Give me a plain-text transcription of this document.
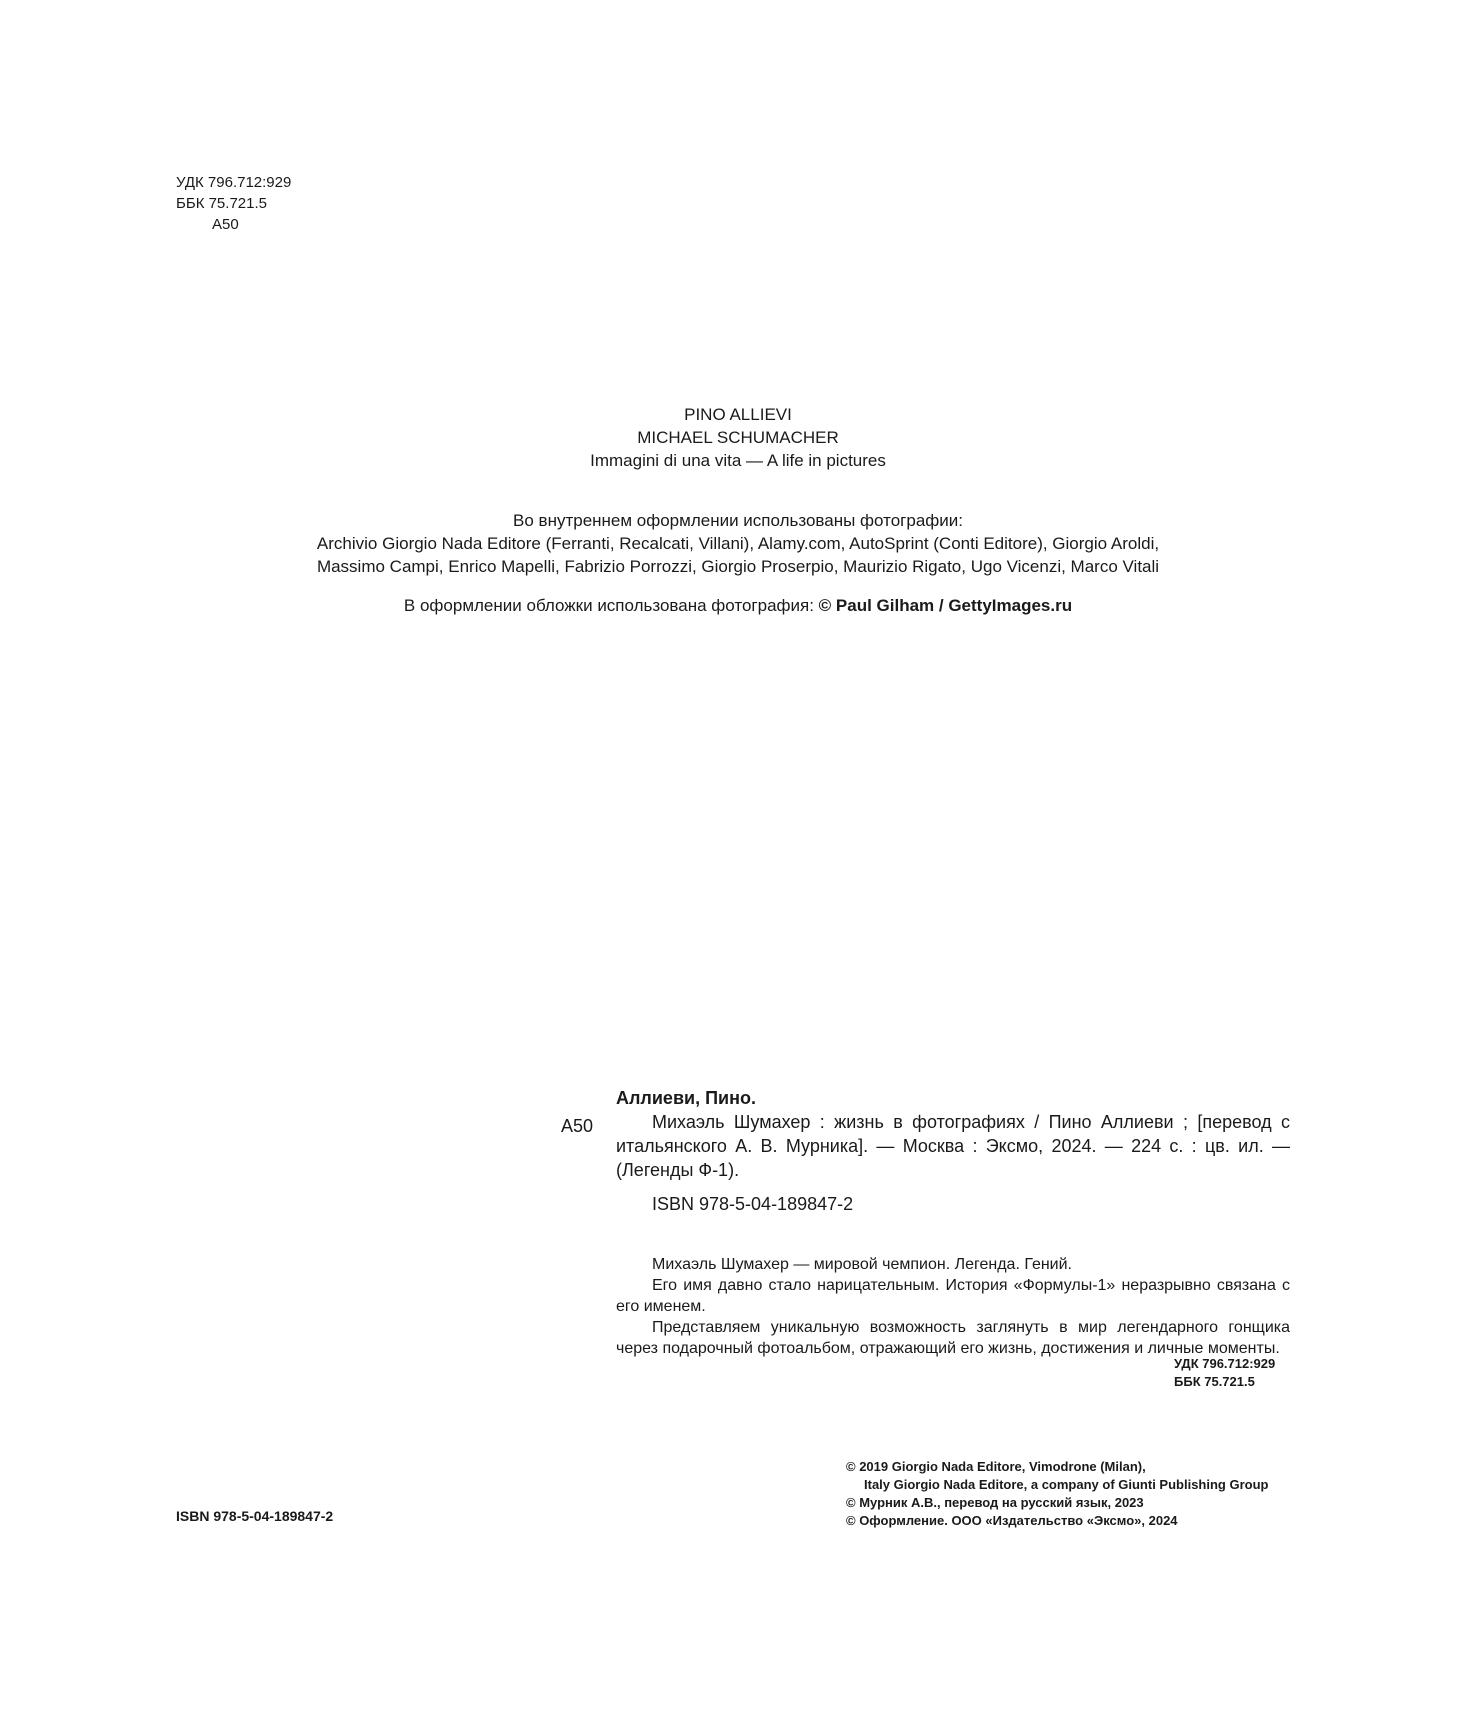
УДК 796.712:929
ББК 75.721.5
А50
PINO ALLIEVI
MICHAEL SCHUMACHER
Immagini di una vita — A life in pictures
Во внутреннем оформлении использованы фотографии:
Archivio Giorgio Nada Editore (Ferranti, Recalcati, Villani), Alamy.com, AutoSprint (Conti Editore), Giorgio Aroldi,
Massimo Campi, Enrico Mapelli, Fabrizio Porrozzi, Giorgio Proserpio, Maurizio Rigato, Ugo Vicenzi, Marco Vitali
В оформлении обложки использована фотография: © Paul Gilham / GettyImages.ru
А50
Аллиеви, Пино.
Михаэль Шумахер : жизнь в фотографиях / Пино Аллиеви ; [перевод с итальянского А. В. Мурника]. — Москва : Эксмо, 2024. — 224 с. : цв. ил. — (Легенды Ф-1).
ISBN 978-5-04-189847-2

Михаэль Шумахер — мировой чемпион. Легенда. Гений.

Его имя давно стало нарицательным. История «Формулы-1» неразрывно связана с его именем.

Представляем уникальную возможность заглянуть в мир легендарного гонщика через подарочный фотоальбом, отражающий его жизнь, достижения и личные моменты.

УДК 796.712:929
ББК 75.721.5
ISBN 978-5-04-189847-2
© 2019 Giorgio Nada Editore, Vimodrone (Milan),
Italy Giorgio Nada Editore, a company of Giunti Publishing Group
© Мурник А.В., перевод на русский язык, 2023
© Оформление. ООО «Издательство «Эксмо», 2024
